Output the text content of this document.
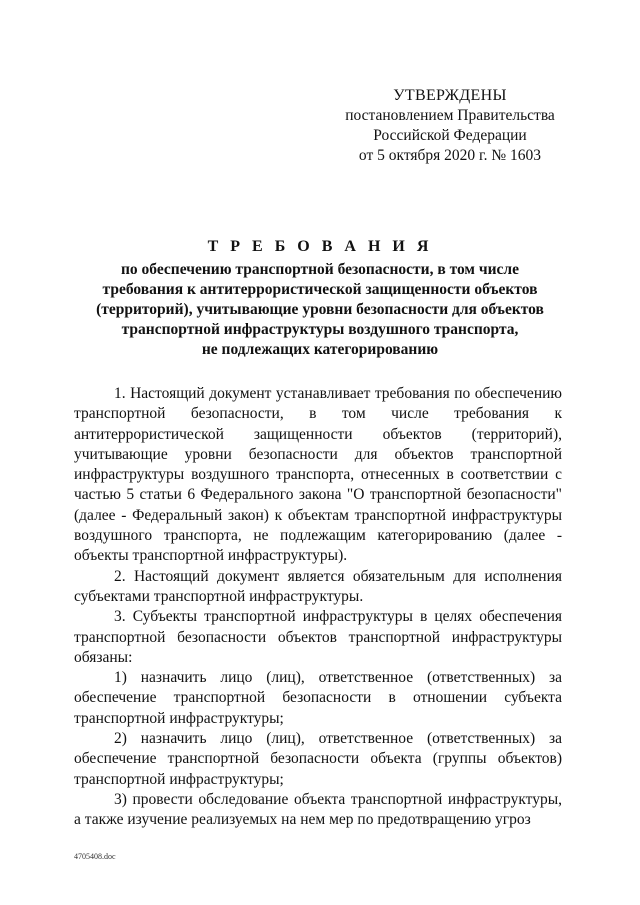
УТВЕРЖДЕНЫ
постановлением Правительства
Российской Федерации
от 5 октября 2020 г. № 1603
Т Р Е Б О В А Н И Я
по обеспечению транспортной безопасности, в том числе
требования к антитеррористической защищенности объектов
(территорий), учитывающие уровни безопасности для объектов
транспортной инфраструктуры воздушного транспорта,
не подлежащих категорированию

1. Настоящий документ устанавливает требования по обеспечению транспортной безопасности, в том числе требования к антитеррористической защищенности объектов (территорий), учитывающие уровни безопасности для объектов транспортной инфраструктуры воздушного транспорта, отнесенных в соответствии с частью 5 статьи 6 Федерального закона "О транспортной безопасности" (далее - Федеральный закон) к объектам транспортной инфраструктуры воздушного транспорта, не подлежащим категорированию (далее - объекты транспортной инфраструктуры).

2. Настоящий документ является обязательным для исполнения субъектами транспортной инфраструктуры.

3. Субъекты транспортной инфраструктуры в целях обеспечения транспортной безопасности объектов транспортной инфраструктуры обязаны:

1) назначить лицо (лиц), ответственное (ответственных) за обеспечение транспортной безопасности в отношении субъекта транспортной инфраструктуры;

2) назначить лицо (лиц), ответственное (ответственных) за обеспечение транспортной безопасности объекта (группы объектов) транспортной инфраструктуры;

3) провести обследование объекта транспортной инфраструктуры, а также изучение реализуемых на нем мер по предотвращению угроз

4705408.doc
